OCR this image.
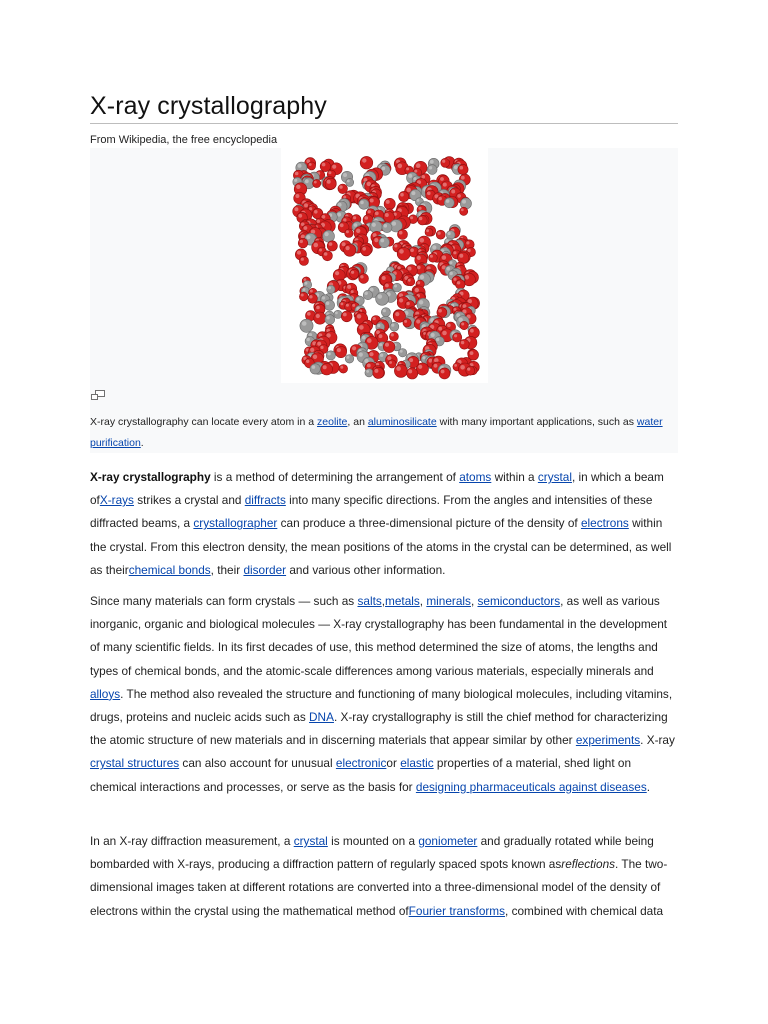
X-ray crystallography
From Wikipedia, the free encyclopedia
X-ray crystallography can locate every atom in a zeolite, an aluminosilicate with many important applications, such as water purification.

X-ray crystallography is a method of determining the arrangement of atoms within a crystal, in which a beam ofX-rays strikes a crystal and diffracts into many specific directions. From the angles and intensities of these diffracted beams, a crystallographer can produce a three-dimensional picture of the density of electrons within the crystal. From this electron density, the mean positions of the atoms in the crystal can be determined, as well as theirchemical bonds, their disorder and various other information.

Since many materials can form crystals — such as salts,metals, minerals, semiconductors, as well as various inorganic, organic and biological molecules — X-ray crystallography has been fundamental in the development of many scientific fields. In its first decades of use, this method determined the size of atoms, the lengths and types of chemical bonds, and the atomic-scale differences among various materials, especially minerals and alloys. The method also revealed the structure and functioning of many biological molecules, including vitamins, drugs, proteins and nucleic acids such as DNA. X-ray crystallography is still the chief method for characterizing the atomic structure of new materials and in discerning materials that appear similar by other experiments. X-ray crystal structures can also account for unusual electronicor elastic properties of a material, shed light on chemical interactions and processes, or serve as the basis for designing pharmaceuticals against diseases.

In an X-ray diffraction measurement, a crystal is mounted on a goniometer and gradually rotated while being bombarded with X-rays, producing a diffraction pattern of regularly spaced spots known asreflections. The two-dimensional images taken at different rotations are converted into a three-dimensional model of the density of electrons within the crystal using the mathematical method ofFourier transforms, combined with chemical data
